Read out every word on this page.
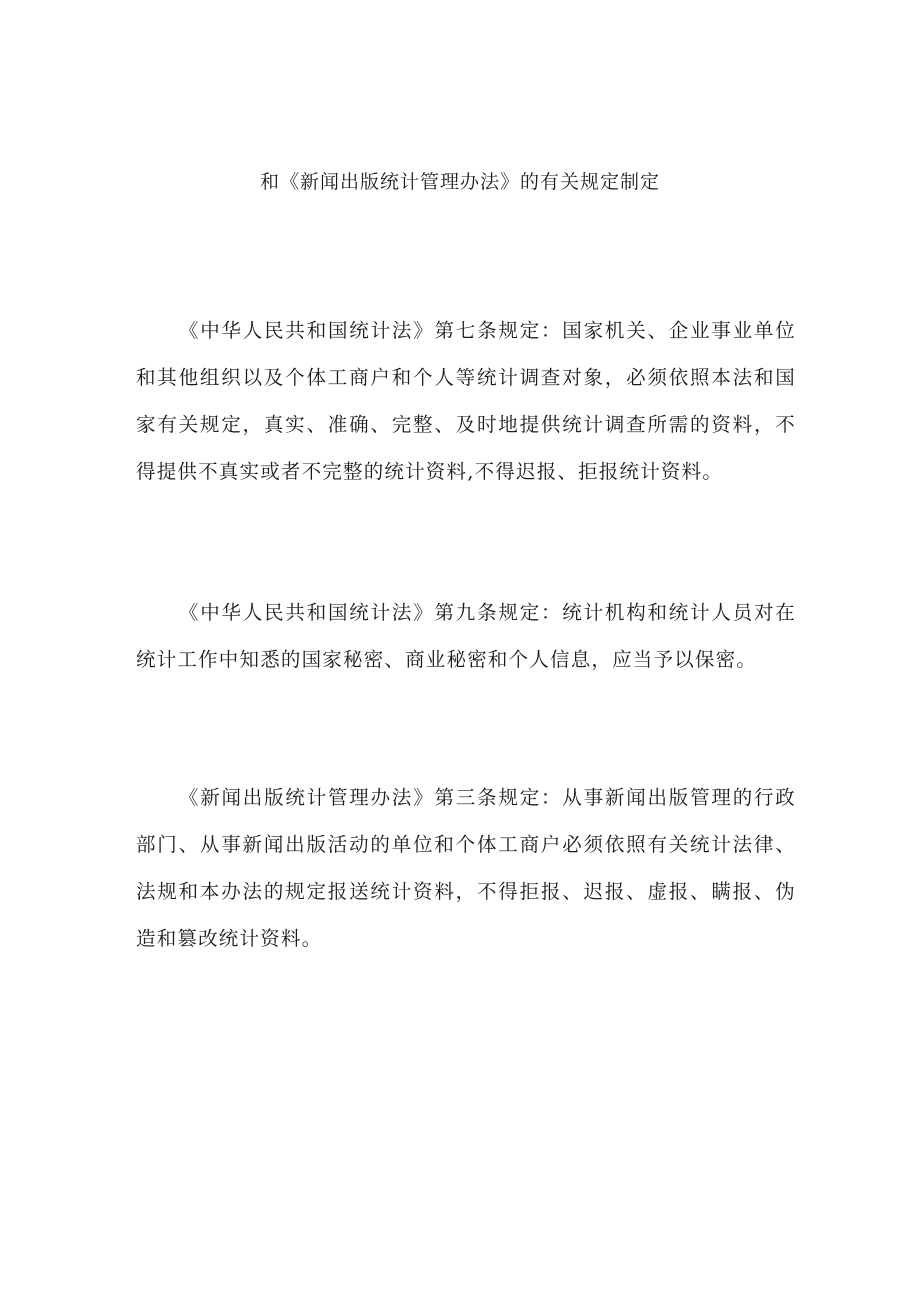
和《新闻出版统计管理办法》的有关规定制定

《中华人民共和国统计法》第七条规定：国家机关、企业事业单位和其他组织以及个体工商户和个人等统计调查对象，必须依照本法和国家有关规定，真实、准确、完整、及时地提供统计调查所需的资料，不得提供不真实或者不完整的统计资料,不得迟报、拒报统计资料。

《中华人民共和国统计法》第九条规定：统计机构和统计人员对在统计工作中知悉的国家秘密、商业秘密和个人信息，应当予以保密。

《新闻出版统计管理办法》第三条规定：从事新闻出版管理的行政部门、从事新闻出版活动的单位和个体工商户必须依照有关统计法律、法规和本办法的规定报送统计资料，不得拒报、迟报、虚报、瞒报、伪造和篡改统计资料。
